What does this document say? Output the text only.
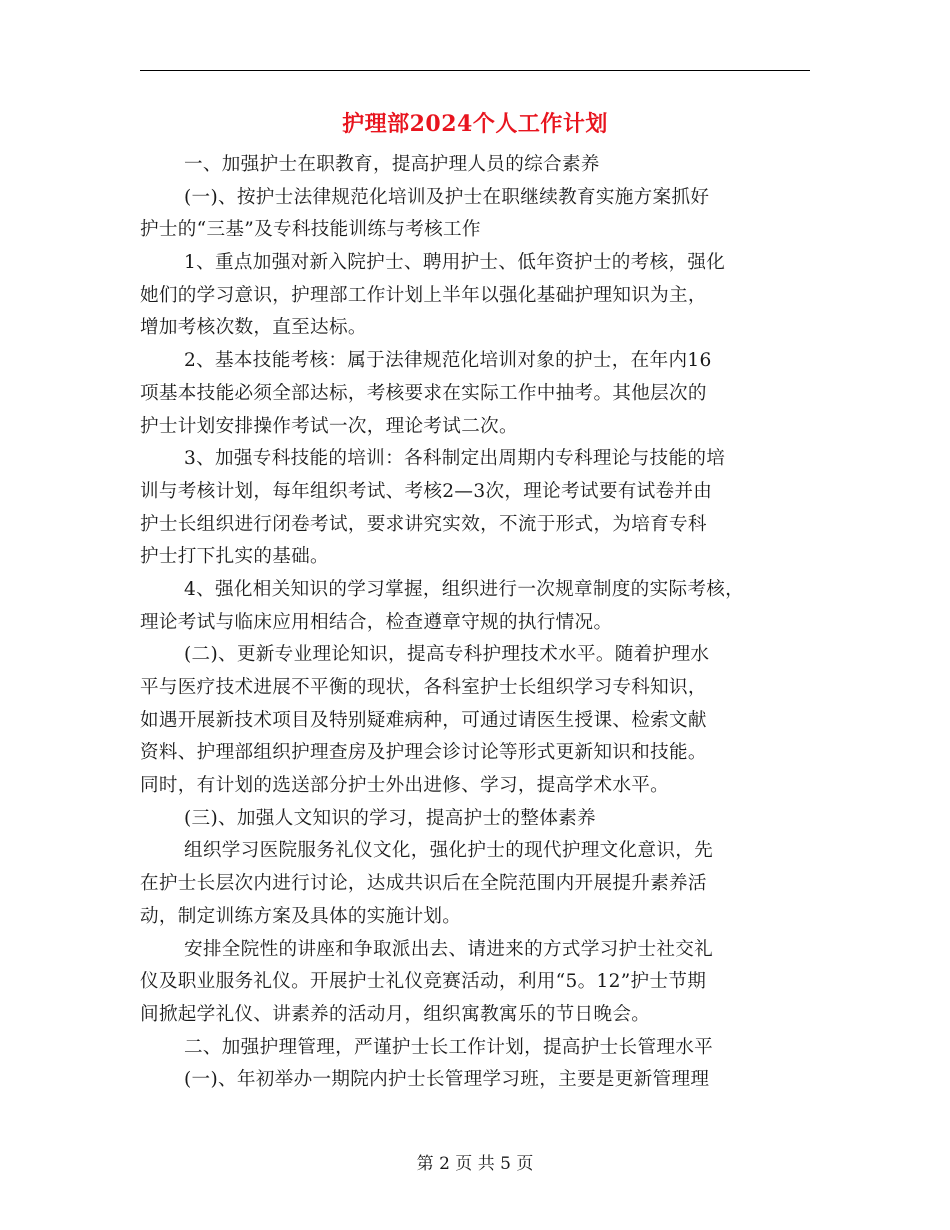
护理部2024个人工作计划
一、加强护士在职教育，提高护理人员的综合素养
(一)、按护士法律规范化培训及护士在职继续教育实施方案抓好
护士的“三基”及专科技能训练与考核工作
1、重点加强对新入院护士、聘用护士、低年资护士的考核，强化
她们的学习意识，护理部工作计划上半年以强化基础护理知识为主，
增加考核次数，直至达标。
2、基本技能考核：属于法律规范化培训对象的护士，在年内16
项基本技能必须全部达标，考核要求在实际工作中抽考。其他层次的
护士计划安排操作考试一次，理论考试二次。
3、加强专科技能的培训：各科制定出周期内专科理论与技能的培
训与考核计划，每年组织考试、考核2—3次，理论考试要有试卷并由
护士长组织进行闭卷考试，要求讲究实效，不流于形式，为培育专科
护士打下扎实的基础。
4、强化相关知识的学习掌握，组织进行一次规章制度的实际考核，
理论考试与临床应用相结合，检查遵章守规的执行情况。
(二)、更新专业理论知识，提高专科护理技术水平。随着护理水
平与医疗技术进展不平衡的现状，各科室护士长组织学习专科知识，
如遇开展新技术项目及特别疑难病种，可通过请医生授课、检索文献
资料、护理部组织护理查房及护理会诊讨论等形式更新知识和技能。
同时，有计划的选送部分护士外出进修、学习，提高学术水平。
(三)、加强人文知识的学习，提高护士的整体素养
组织学习医院服务礼仪文化，强化护士的现代护理文化意识，先
在护士长层次内进行讨论，达成共识后在全院范围内开展提升素养活
动，制定训练方案及具体的实施计划。
安排全院性的讲座和争取派出去、请进来的方式学习护士社交礼
仪及职业服务礼仪。开展护士礼仪竞赛活动，利用“5。12”护士节期
间掀起学礼仪、讲素养的活动月，组织寓教寓乐的节日晚会。
二、加强护理管理，严谨护士长工作计划，提高护士长管理水平
(一)、年初举办一期院内护士长管理学习班，主要是更新管理理
第 2 页 共 5 页
